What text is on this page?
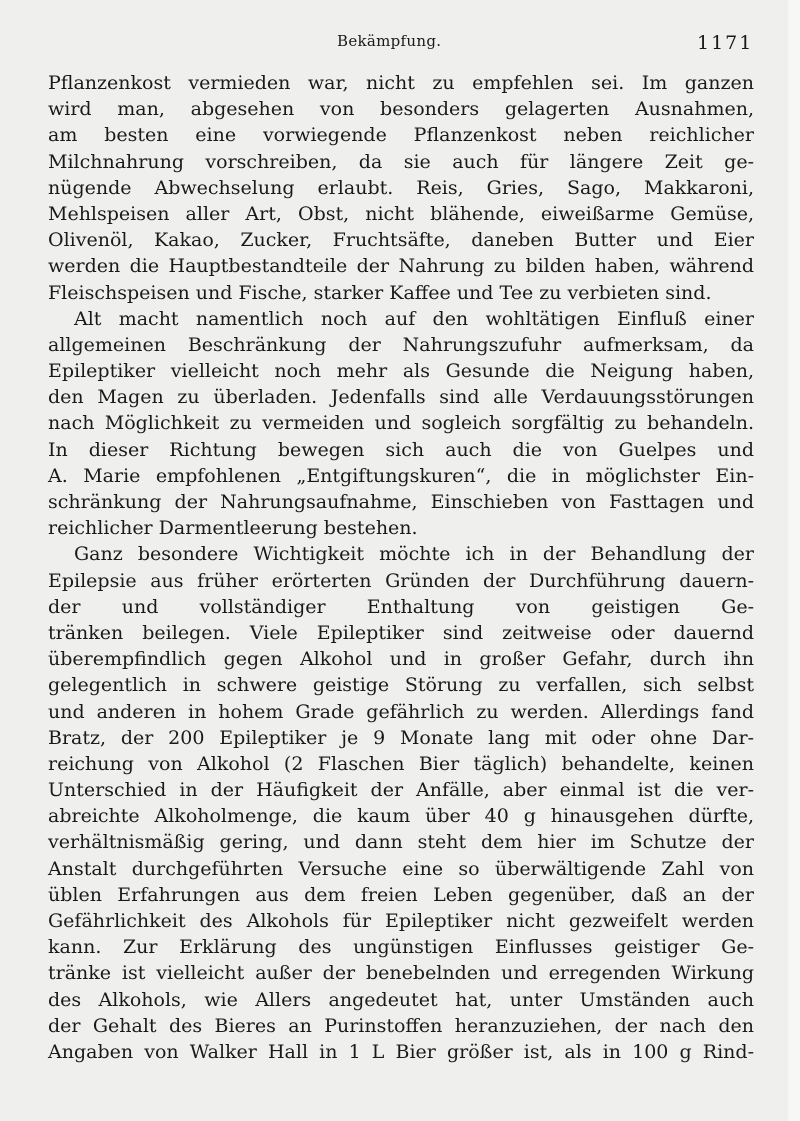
Bekämpfung.	1171
Pflanzenkost vermieden war, nicht zu empfehlen sei. Im ganzen
wird man, abgesehen von besonders gelagerten Ausnahmen,
am besten eine vorwiegende Pflanzenkost neben reichlicher
Milchnahrung vorschreiben, da sie auch für längere Zeit ge-
nügende Abwechselung erlaubt. Reis, Gries, Sago, Makkaroni,
Mehlspeisen aller Art, Obst, nicht blähende, eiweißarme Gemüse,
Olivenöl, Kakao, Zucker, Fruchtsäfte, daneben Butter und Eier
werden die Hauptbestandteile der Nahrung zu bilden haben, während
Fleischspeisen und Fische, starker Kaffee und Tee zu verbieten sind.
Alt macht namentlich noch auf den wohltätigen Einfluß einer
allgemeinen Beschränkung der Nahrungszufuhr aufmerksam, da
Epileptiker vielleicht noch mehr als Gesunde die Neigung haben,
den Magen zu überladen. Jedenfalls sind alle Verdauungsstörungen
nach Möglichkeit zu vermeiden und sogleich sorgfältig zu behandeln.
In dieser Richtung bewegen sich auch die von Guelpes und
A. Marie empfohlenen „Entgiftungskuren“, die in möglichster Ein-
schränkung der Nahrungsaufnahme, Einschieben von Fasttagen und
reichlicher Darmentleerung bestehen.
Ganz besondere Wichtigkeit möchte ich in der Behandlung der
Epilepsie aus früher erörterten Gründen der Durchführung dauern-
der und vollständiger Enthaltung von geistigen Ge-
tränken beilegen. Viele Epileptiker sind zeitweise oder dauernd
überempfindlich gegen Alkohol und in großer Gefahr, durch ihn
gelegentlich in schwere geistige Störung zu verfallen, sich selbst
und anderen in hohem Grade gefährlich zu werden. Allerdings fand
Bratz, der 200 Epileptiker je 9 Monate lang mit oder ohne Dar-
reichung von Alkohol (2 Flaschen Bier täglich) behandelte, keinen
Unterschied in der Häufigkeit der Anfälle, aber einmal ist die ver-
abreichte Alkoholmenge, die kaum über 40 g hinausgehen dürfte,
verhältnismäßig gering, und dann steht dem hier im Schutze der
Anstalt durchgeführten Versuche eine so überwältigende Zahl von
üblen Erfahrungen aus dem freien Leben gegenüber, daß an der
Gefährlichkeit des Alkohols für Epileptiker nicht gezweifelt werden
kann. Zur Erklärung des ungünstigen Einflusses geistiger Ge-
tränke ist vielleicht außer der benebelnden und erregenden Wirkung
des Alkohols, wie Allers angedeutet hat, unter Umständen auch
der Gehalt des Bieres an Purinstoffen heranzuziehen, der nach den
Angaben von Walker Hall in 1 L Bier größer ist, als in 100 g Rind-
